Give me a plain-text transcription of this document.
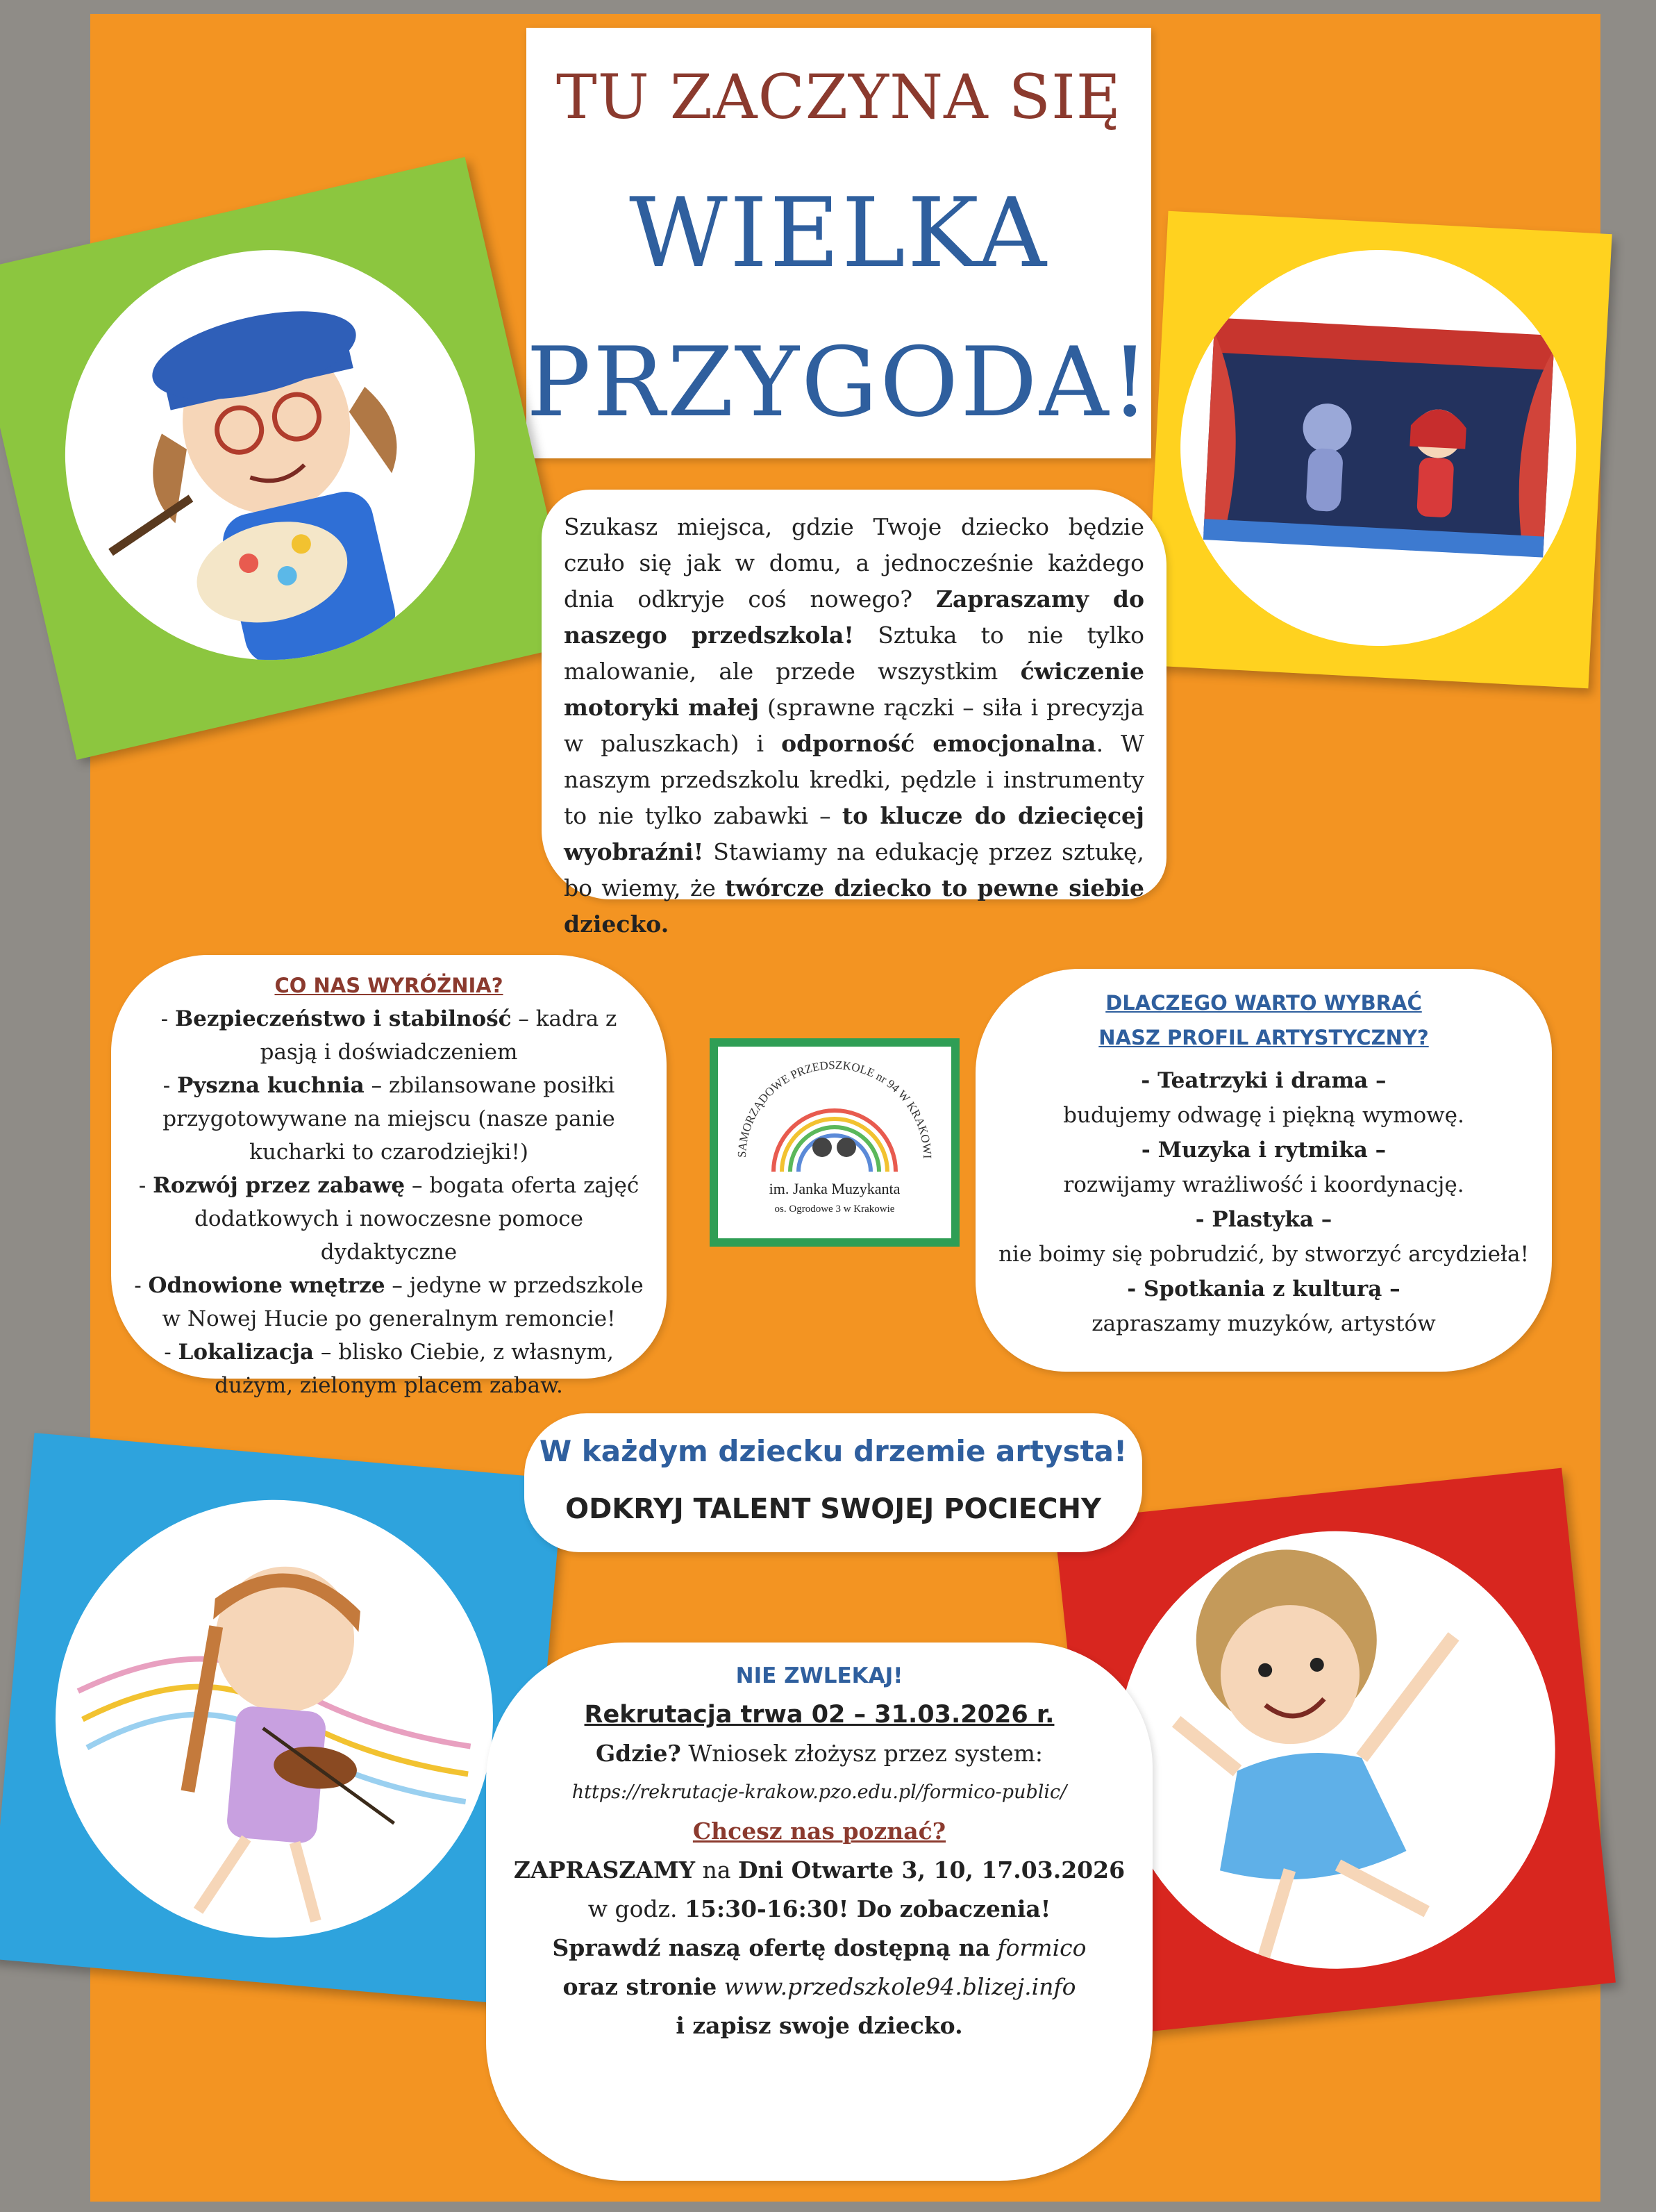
TU ZACZYNA SIĘ
WIELKA
PRZYGODA!
Szukasz miejsca, gdzie Twoje dziecko będzie czuło się jak w domu, a jednocześnie każdego dnia odkryje coś nowego? Zapraszamy do naszego przedszkola! Sztuka to nie tylko malowanie, ale przede wszystkim ćwiczenie motoryki małej (sprawne rączki – siła i precyzja w paluszkach) i odporność emocjonalna. W naszym przedszkolu kredki, pędzle i instrumenty to nie tylko zabawki – to klucze do dziecięcej wyobraźni! Stawiamy na edukację przez sztukę, bo wiemy, że twórcze dziecko to pewne siebie dziecko.
CO NAS WYRÓŻNIA?
- Bezpieczeństwo i stabilność – kadra z pasją i doświadczeniem
- Pyszna kuchnia – zbilansowane posiłki przygotowywane na miejscu (nasze panie kucharki to czarodziejki!)
- Rozwój przez zabawę – bogata oferta zajęć dodatkowych i nowoczesne pomoce dydaktyczne
- Odnowione wnętrze – jedyne w przedszkole w Nowej Hucie po generalnym remoncie!
- Lokalizacja – blisko Ciebie, z własnym, dużym, zielonym placem zabaw.
SAMORZĄDOWE PRZEDSZKOLE nr 94 W KRAKOWI
im. Janka Muzykanta
os. Ogrodowe 3 w Krakowie
DLACZEGO WARTO WYBRAĆ
NASZ PROFIL ARTYSTYCZNY?
- Teatrzyki i drama –
budujemy odwagę i piękną wymowę.
- Muzyka i rytmika –
rozwijamy wrażliwość i koordynację.
- Plastyka –
nie boimy się pobrudzić, by stworzyć arcydzieła!
- Spotkania z kulturą –
zapraszamy muzyków, artystów
W każdym dziecku drzemie artysta!
ODKRYJ TALENT SWOJEJ POCIECHY
NIE ZWLEKAJ!
Rekrutacja trwa 02 – 31.03.2026 r.
Gdzie? Wniosek złożysz przez system:
https://rekrutacje-krakow.pzo.edu.pl/formico-public/
Chcesz nas poznać?
ZAPRASZAMY na Dni Otwarte 3, 10, 17.03.2026
w godz. 15:30-16:30! Do zobaczenia!
Sprawdź naszą ofertę dostępną na formico
oraz stronie www.przedszkole94.blizej.info
i zapisz swoje dziecko.
